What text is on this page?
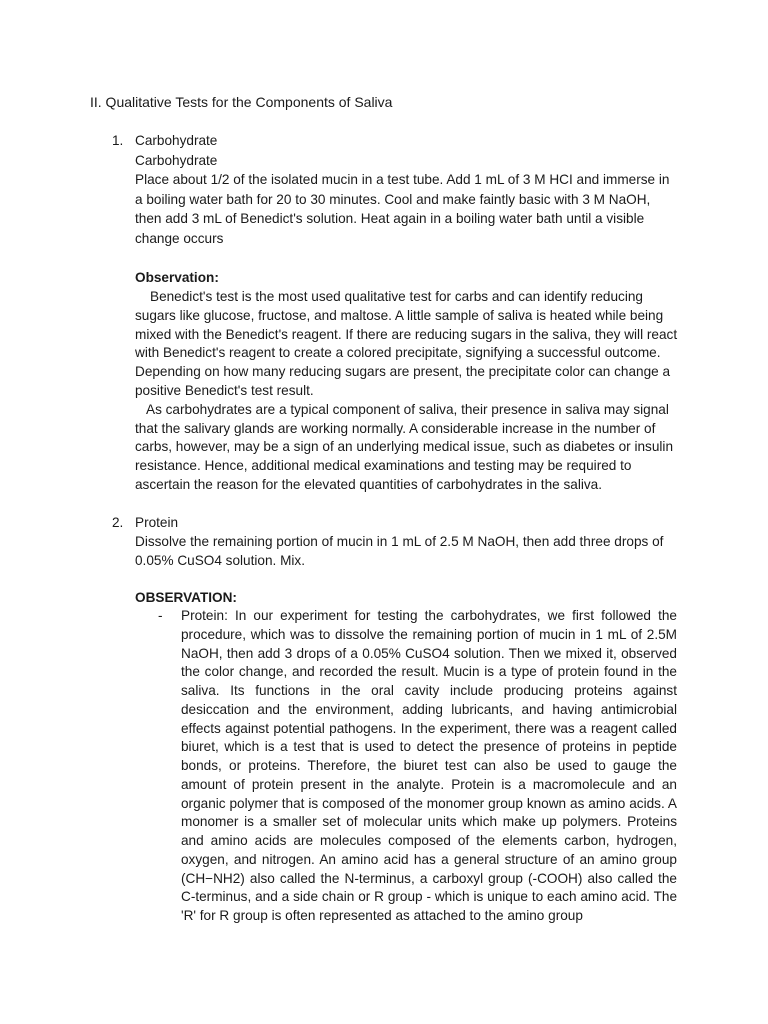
II. Qualitative Tests for the Components of Saliva
1. Carbohydrate
Carbohydrate
Place about 1/2 of the isolated mucin in a test tube. Add 1 mL of 3 M HCI and immerse in a boiling water bath for 20 to 30 minutes. Cool and make faintly basic with 3 M NaOH, then add 3 mL of Benedict's solution. Heat again in a boiling water bath until a visible change occurs
Observation:
Benedict's test is the most used qualitative test for carbs and can identify reducing sugars like glucose, fructose, and maltose. A little sample of saliva is heated while being mixed with the Benedict's reagent. If there are reducing sugars in the saliva, they will react with Benedict's reagent to create a colored precipitate, signifying a successful outcome. Depending on how many reducing sugars are present, the precipitate color can change a positive Benedict's test result.
As carbohydrates are a typical component of saliva, their presence in saliva may signal that the salivary glands are working normally. A considerable increase in the number of carbs, however, may be a sign of an underlying medical issue, such as diabetes or insulin resistance. Hence, additional medical examinations and testing may be required to ascertain the reason for the elevated quantities of carbohydrates in the saliva.
2. Protein
Dissolve the remaining portion of mucin in 1 mL of 2.5 M NaOH, then add three drops of 0.05% CuSO4 solution. Mix.
OBSERVATION:
- Protein: In our experiment for testing the carbohydrates, we first followed the procedure, which was to dissolve the remaining portion of mucin in 1 mL of 2.5M NaOH, then add 3 drops of a 0.05% CuSO4 solution. Then we mixed it, observed the color change, and recorded the result. Mucin is a type of protein found in the saliva. Its functions in the oral cavity include producing proteins against desiccation and the environment, adding lubricants, and having antimicrobial effects against potential pathogens. In the experiment, there was a reagent called biuret, which is a test that is used to detect the presence of proteins in peptide bonds, or proteins. Therefore, the biuret test can also be used to gauge the amount of protein present in the analyte. Protein is a macromolecule and an organic polymer that is composed of the monomer group known as amino acids. A monomer is a smaller set of molecular units which make up polymers. Proteins and amino acids are molecules composed of the elements carbon, hydrogen, oxygen, and nitrogen. An amino acid has a general structure of an amino group (CH−NH2) also called the N-terminus, a carboxyl group (-COOH) also called the C-terminus, and a side chain or R group - which is unique to each amino acid. The 'R' for R group is often represented as attached to the amino group
